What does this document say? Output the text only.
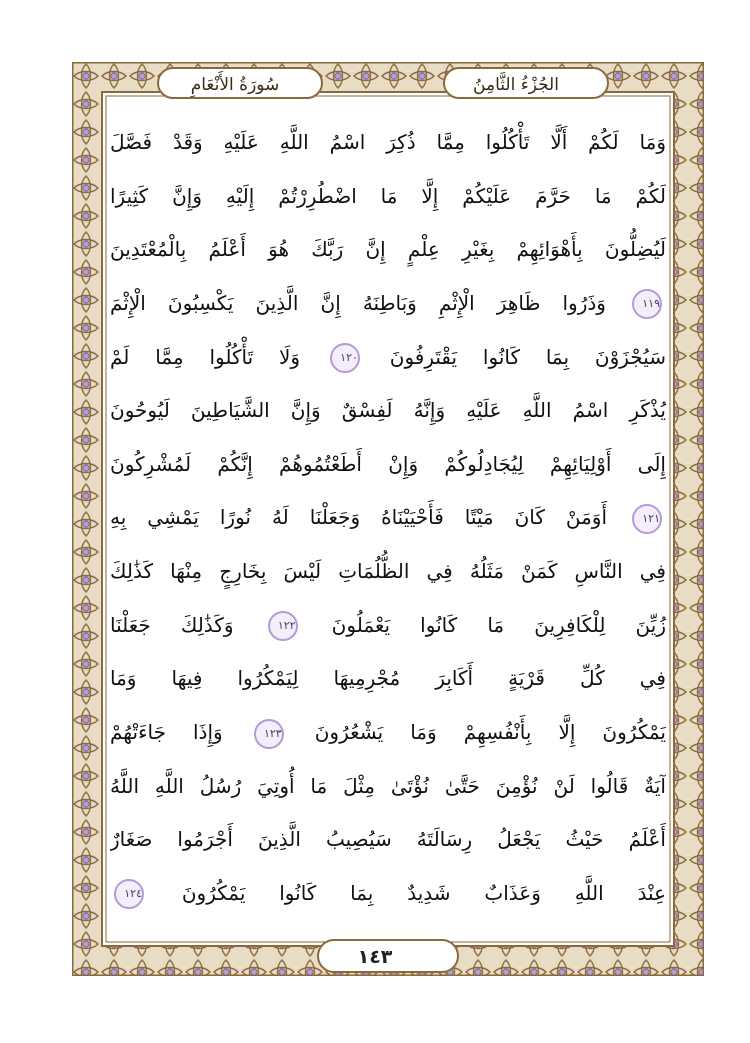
الجُزْءُ الثَّامِنُ
سُورَةُ الأَنْعَامِ
وَمَا لَكُمْ أَلَّا تَأْكُلُوا مِمَّا ذُكِرَ اسْمُ اللَّهِ عَلَيْهِ وَقَدْ فَصَّلَ
لَكُمْ مَا حَرَّمَ عَلَيْكُمْ إِلَّا مَا اضْطُرِرْتُمْ إِلَيْهِ وَإِنَّ كَثِيرًا
لَيُضِلُّونَ بِأَهْوَائِهِمْ بِغَيْرِ عِلْمٍ إِنَّ رَبَّكَ هُوَ أَعْلَمُ بِالْمُعْتَدِينَ
١١٩ وَذَرُوا ظَاهِرَ الْإِثْمِ وَبَاطِنَهُ إِنَّ الَّذِينَ يَكْسِبُونَ الْإِثْمَ
سَيُجْزَوْنَ بِمَا كَانُوا يَقْتَرِفُونَ ١٢٠ وَلَا تَأْكُلُوا مِمَّا لَمْ
يُذْكَرِ اسْمُ اللَّهِ عَلَيْهِ وَإِنَّهُ لَفِسْقٌ وَإِنَّ الشَّيَاطِينَ لَيُوحُونَ
إِلَى أَوْلِيَائِهِمْ لِيُجَادِلُوكُمْ وَإِنْ أَطَعْتُمُوهُمْ إِنَّكُمْ لَمُشْرِكُونَ
١٢١ أَوَمَنْ كَانَ مَيْتًا فَأَحْيَيْنَاهُ وَجَعَلْنَا لَهُ نُورًا يَمْشِي بِهِ
فِي النَّاسِ كَمَنْ مَثَلُهُ فِي الظُّلُمَاتِ لَيْسَ بِخَارِجٍ مِنْهَا كَذَٰلِكَ
زُيِّنَ لِلْكَافِرِينَ مَا كَانُوا يَعْمَلُونَ ١٢٢ وَكَذَٰلِكَ جَعَلْنَا
فِي كُلِّ قَرْيَةٍ أَكَابِرَ مُجْرِمِيهَا لِيَمْكُرُوا فِيهَا وَمَا
يَمْكُرُونَ إِلَّا بِأَنْفُسِهِمْ وَمَا يَشْعُرُونَ ١٢٣ وَإِذَا جَاءَتْهُمْ
آيَةٌ قَالُوا لَنْ نُؤْمِنَ حَتَّىٰ نُؤْتَىٰ مِثْلَ مَا أُوتِيَ رُسُلُ اللَّهِ اللَّهُ
أَعْلَمُ حَيْثُ يَجْعَلُ رِسَالَتَهُ سَيُصِيبُ الَّذِينَ أَجْرَمُوا صَغَارٌ
عِنْدَ اللَّهِ وَعَذَابٌ شَدِيدٌ بِمَا كَانُوا يَمْكُرُونَ ١٢٤
١٤٣
